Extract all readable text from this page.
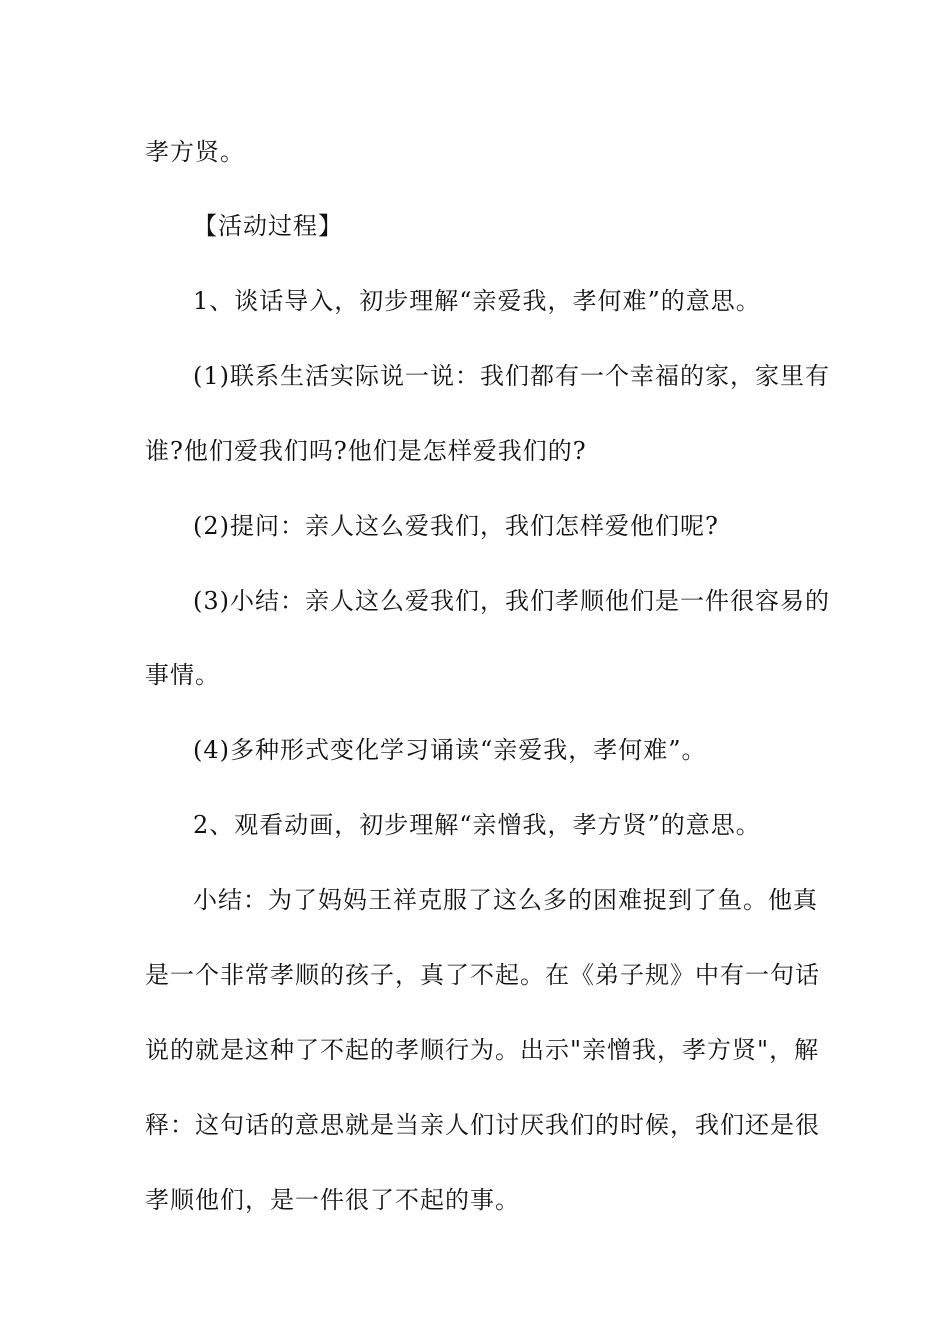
孝方贤。
【活动过程】
1、谈话导入，初步理解“亲爱我，孝何难”的意思。
(1)联系生活实际说一说：我们都有一个幸福的家，家里有
谁?他们爱我们吗?他们是怎样爱我们的?
(2)提问：亲人这么爱我们，我们怎样爱他们呢?
(3)小结：亲人这么爱我们，我们孝顺他们是一件很容易的
事情。
(4)多种形式变化学习诵读“亲爱我，孝何难”。
2、观看动画，初步理解“亲憎我，孝方贤”的意思。
小结：为了妈妈王祥克服了这么多的困难捉到了鱼。他真
是一个非常孝顺的孩子，真了不起。在《弟子规》中有一句话
说的就是这种了不起的孝顺行为。出示"亲憎我，孝方贤"，解
释：这句话的意思就是当亲人们讨厌我们的时候，我们还是很
孝顺他们，是一件很了不起的事。
